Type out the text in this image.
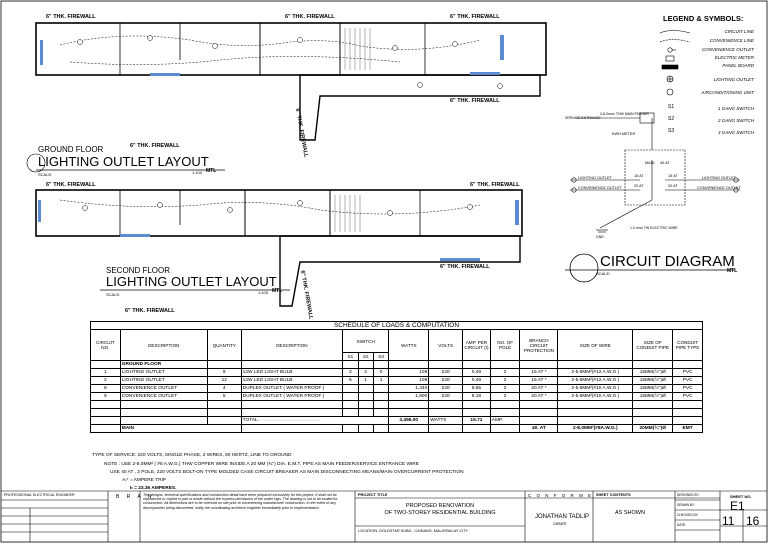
6" THK. FIREWALL	6" THK. FIREWALL	6" THK. FIREWALL
6" THK. FIREWALL
6" THK. FIREWALL
6" THK. FIREWALL
6" THK. FIREWALL	6" THK. FIREWALL
6" THK. FIREWALL
6" THK. FIREWALL
6" THK. FIREWALL
GROUND FLOOR
LIGHTING OUTLET LAYOUT
SCALE:	1:100 MTL
SECOND FLOOR
LIGHTING OUTLET LAYOUT
SCALE:	1:100 MTL
LEGEND & SYMBOLS:
CIRCUIT LINE
CONVENIENCE LINE
CONVENIENCE OUTLET
ELECTRIC METER
PANEL BOARD
LIGHTING OUTLET
AIRCONDITIONING UNIT
1 GANG SWITCH
2 GANG SWITCH
3 GANG SWITCH
S1
S2
S3
SERVICE ENTRANCE
2-8.0mm² THW MAIN FEEDER
KWH METER
MAIN 40 AT
LIGHTING OUTLET	LIGHTING OUTLET
CONVENIENCE OUTLET	CONVENIENCE OUTLET
15 AT	15 AT
20 AT	20 AT
1.0 mm² TW ELECTRIC WIRE
GND
CIRCUIT DIAGRAM
SCALE:	MTL
SCHEDULE OF LOADS & COMPUTATION														
CIRCUIT NO.	DESCRIPTION	QUANTITY	DESCRIPTION	SWITCH			WATTS	VOLTS	AMP. PER CIRCUIT (I)	NO. OF POLE	BRANCH CIRCUIT PROTECTION	SIZE OF WIRE	SIZE OF CONDUIT PIPE	CONDUIT PIPE TYPE
				S1	S2	S3								
	GROUND FLOOR													
1	LIGHTING OUTLET	9	12W LED LIGHT BULB	3	2	0	108	220	0.49	2	15 AT *	2-5.5MM²(#12 A.W.G.)	15MM(½")Ø	PVC
2	LIGHTING OUTLET	12	12W LED LIGHT BULB	6	1	1	108	220	0.49	2	15 AT *	2-5.5MM²(#12 A.W.G.)	15MM(½")Ø	PVC
8	CONVENIENCE OUTLET	4	DUPLEX OUTLET ( WATER PROOF )				1,440	220	6.55	2	20 AT *	2-5.5MM²(#10 A.W.G.)	15MM(½")Ø	PVC
9	CONVENIENCE OUTLET	5	DUPLEX OUTLET ( WATER PROOF )				1,800	220	8.18	2	20 AT *	2-5.5MM²(#10 A.W.G.)	15MM(½")Ø	PVC

			TOTAL . . . . . . . . . . . . . . . . . . . . . . .				3,456.00	WATTS	15.71	AMP.				
	MAIN										40. AT	2-8.0MM²(#8A.W.G.)	20MM(¾")Ø	EMT
TYPE OF SERVICE: 220 VOLTS, SINGLE PHASE, 2 WIRES, 60 HERTZ, LINE TO GROUND
NOTE : USE 2-8.0MM² ( #8 A.W.G.) THW COPPER WIRE INSIDE A 20 MM (¾") DIA. E.M.T. PIPE AS MAIN FEEDER/SERVICE ENTRANCE WIRE
USE 40 AT , 2 POLE, 220 VOLTS BOLT-ON TYPE MOLDED CASE CIRCUIT BREAKER AS MAIN DISCONNECTING MEANS/MAIN OVERCURRENT PROTECTION
Aₜ* = AMPERE TRIP
Iₜ = 23.36 AMPERES.
PROFESSIONAL ELECTRICAL ENGINEER	B R A N
The designs, technical specifications and construction detail have been prepared exclusively for this project. It shall not be reproduced or copied in part or whole without the express permission of the under sign. The drawing is not to be scaled for construction. All dimensions are to be checked on site prior to commencing manufacture/ construction. In the event of any discrepancies being discovered, notify the coordinating architect/ engineer immediately prior to implementation.
PROJECT TITLE
PROPOSED RENOVATION
OF TWO-STOREY RESIDENTIAL BUILDING
LOCATION: DOLDSTAR SUBD., CAINANG, MALAYBALAY CITY
C O N F O R M E
JONATHAN TADLIP
OWNER
SHEET CONTENTS
AS SHOWN
DESIGNED BY:
DRAWN BY:
CHECKED BY:
DATE:
SHEET NO.
E1
11 16
